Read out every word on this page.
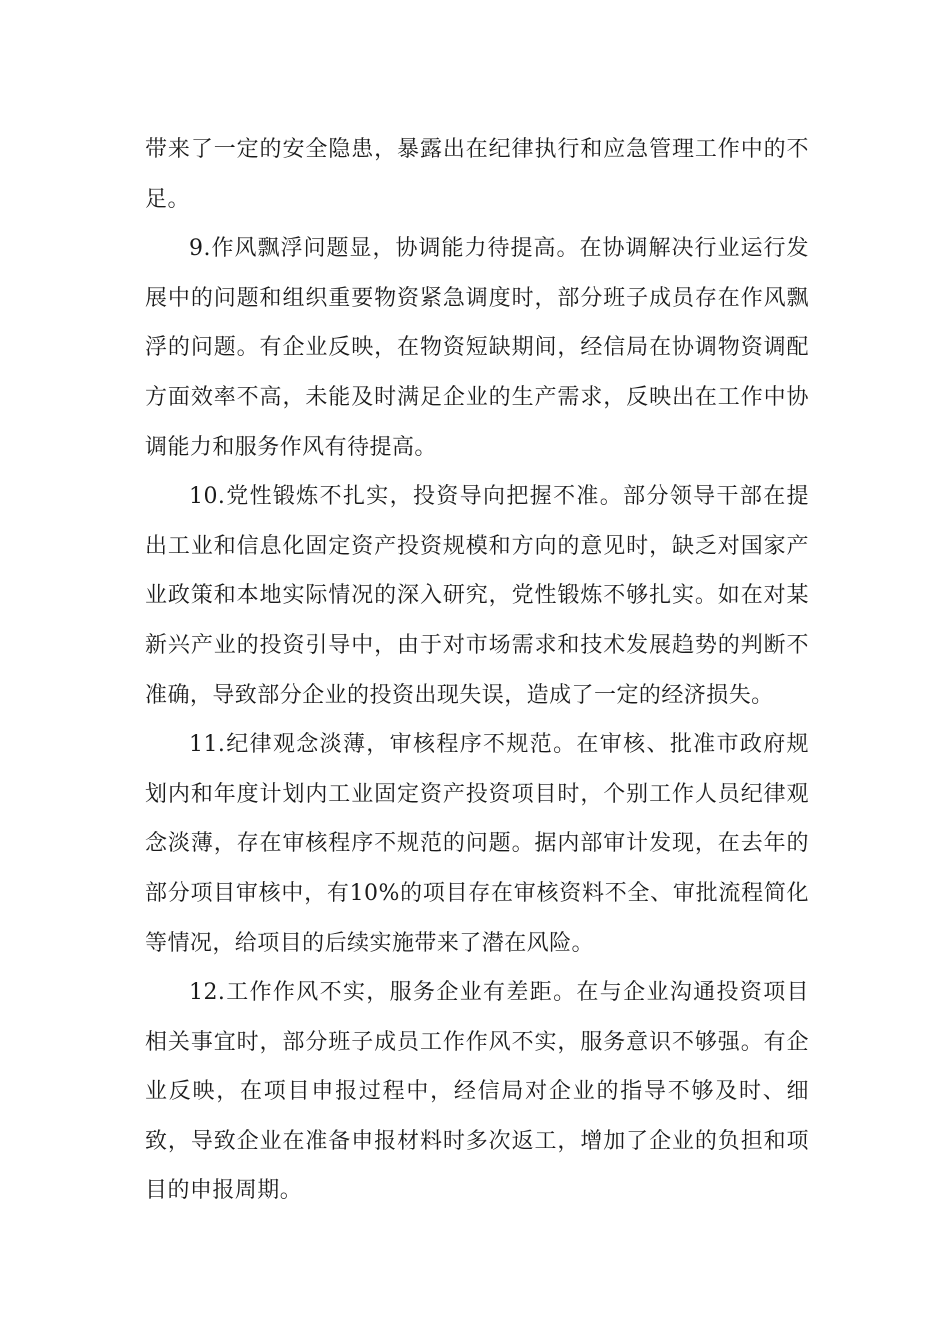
带来了一定的安全隐患，暴露出在纪律执行和应急管理工作中的不足。

9.作风飘浮问题显，协调能力待提高。在协调解决行业运行发展中的问题和组织重要物资紧急调度时，部分班子成员存在作风飘浮的问题。有企业反映，在物资短缺期间，经信局在协调物资调配方面效率不高，未能及时满足企业的生产需求，反映出在工作中协调能力和服务作风有待提高。

10.党性锻炼不扎实，投资导向把握不准。部分领导干部在提出工业和信息化固定资产投资规模和方向的意见时，缺乏对国家产业政策和本地实际情况的深入研究，党性锻炼不够扎实。如在对某新兴产业的投资引导中，由于对市场需求和技术发展趋势的判断不准确，导致部分企业的投资出现失误，造成了一定的经济损失。

11.纪律观念淡薄，审核程序不规范。在审核、批准市政府规划内和年度计划内工业固定资产投资项目时，个别工作人员纪律观念淡薄，存在审核程序不规范的问题。据内部审计发现，在去年的部分项目审核中，有10%的项目存在审核资料不全、审批流程简化等情况，给项目的后续实施带来了潜在风险。

12.工作作风不实，服务企业有差距。在与企业沟通投资项目相关事宜时，部分班子成员工作作风不实，服务意识不够强。有企业反映，在项目申报过程中，经信局对企业的指导不够及时、细致，导致企业在准备申报材料时多次返工，增加了企业的负担和项目的申报周期。
